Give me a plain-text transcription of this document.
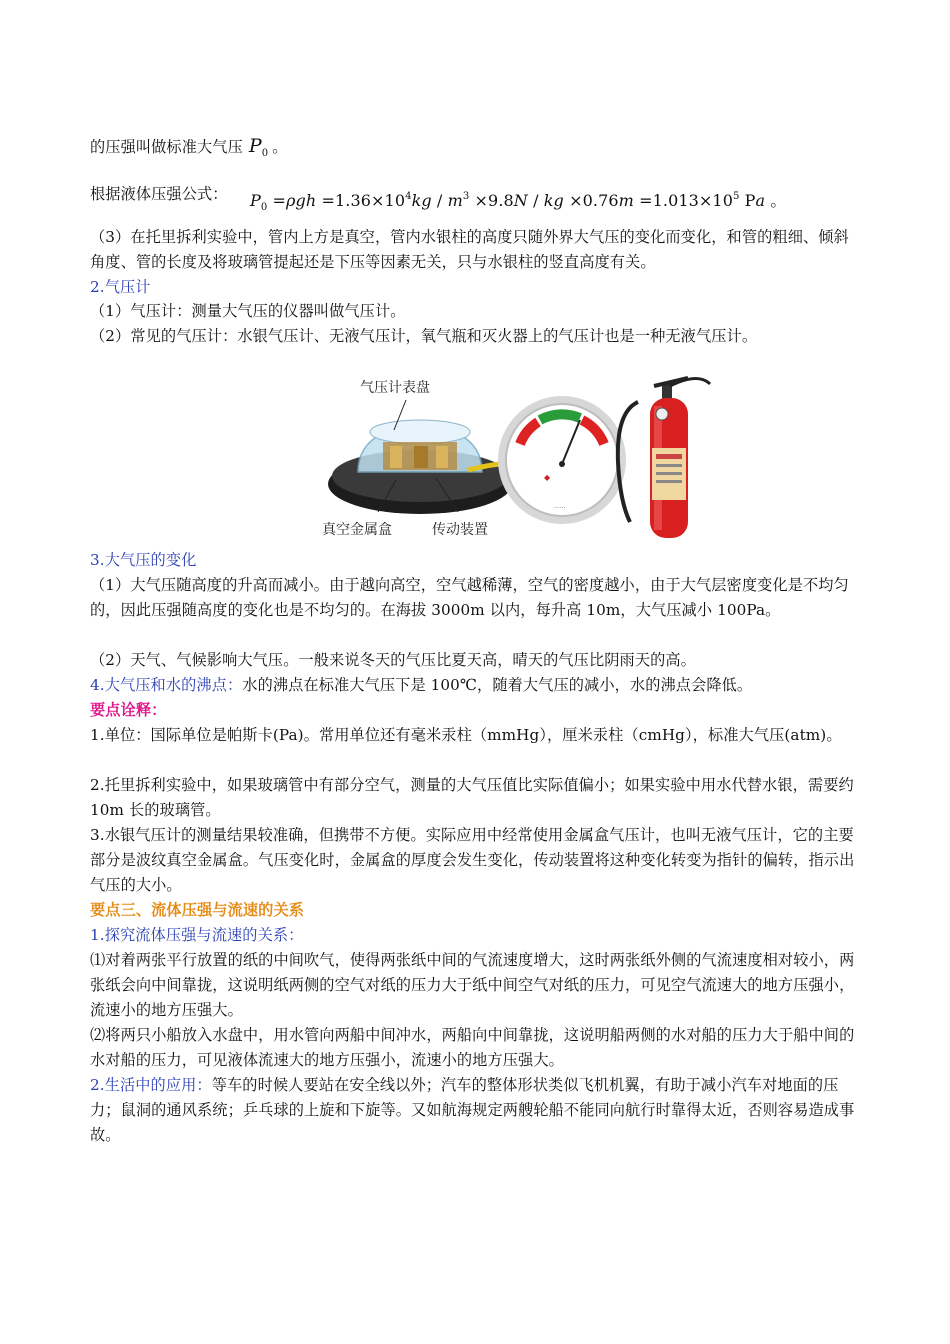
的压强叫做标准大气压 $P_0$ 。
根据液体压强公式： $P_0 =\rho gh =1.36\times 10^4kg / m^3 \times 9.8N$ / kg $\times 0.76m =1.013\times 10^5$ Pa 。
（3）在托里拆利实验中，管内上方是真空，管内水银柱的高度只随外界大气压的变化而变化，和管的粗细、倾斜角度、管的长度及将玻璃管提起还是下压等因素无关，只与水银柱的竖直高度有关。
2.气压计
（1）气压计：测量大气压的仪器叫做气压计。
（2）常见的气压计：水银气压计、无液气压计，氧气瓶和灭火器上的气压计也是一种无液气压计。
气压计表盘
真空金属盒	传动装置
◆
······
3.大气压的变化
（1）大气压随高度的升高而减小。由于越向高空，空气越稀薄，空气的密度越小，由于大气层密度变化是不均匀的，因此压强随高度的变化也是不均匀的。在海拔 3000m 以内，每升高 10m，大气压减小 100Pa。
（2）天气、气候影响大气压。一般来说冬天的气压比夏天高，晴天的气压比阴雨天的高。
4.大气压和水的沸点：水的沸点在标准大气压下是 100℃，随着大气压的减小，水的沸点会降低。
要点诠释：
1.单位：国际单位是帕斯卡(Pa)。常用单位还有毫米汞柱（mmHg），厘米汞柱（cmHg），标准大气压(atm)。
2.托里拆利实验中，如果玻璃管中有部分空气，测量的大气压值比实际值偏小；如果实验中用水代替水银，需要约 10m 长的玻璃管。
3.水银气压计的测量结果较准确，但携带不方便。实际应用中经常使用金属盒气压计，也叫无液气压计，它的主要部分是波纹真空金属盒。气压变化时，金属盒的厚度会发生变化，传动装置将这种变化转变为指针的偏转，指示出气压的大小。
要点三、流体压强与流速的关系
1.探究流体压强与流速的关系：
⑴对着两张平行放置的纸的中间吹气，使得两张纸中间的气流速度增大，这时两张纸外侧的气流速度相对较小，两张纸会向中间靠拢，这说明纸两侧的空气对纸的压力大于纸中间空气对纸的压力，可见空气流速大的地方压强小，流速小的地方压强大。
⑵将两只小船放入水盘中，用水管向两船中间冲水，两船向中间靠拢，这说明船两侧的水对船的压力大于船中间的水对船的压力，可见液体流速大的地方压强小，流速小的地方压强大。
2.生活中的应用：等车的时候人要站在安全线以外；汽车的整体形状类似飞机机翼，有助于减小汽车对地面的压力；鼠洞的通风系统；乒乓球的上旋和下旋等。又如航海规定两艘轮船不能同向航行时靠得太近，否则容易造成事故。
